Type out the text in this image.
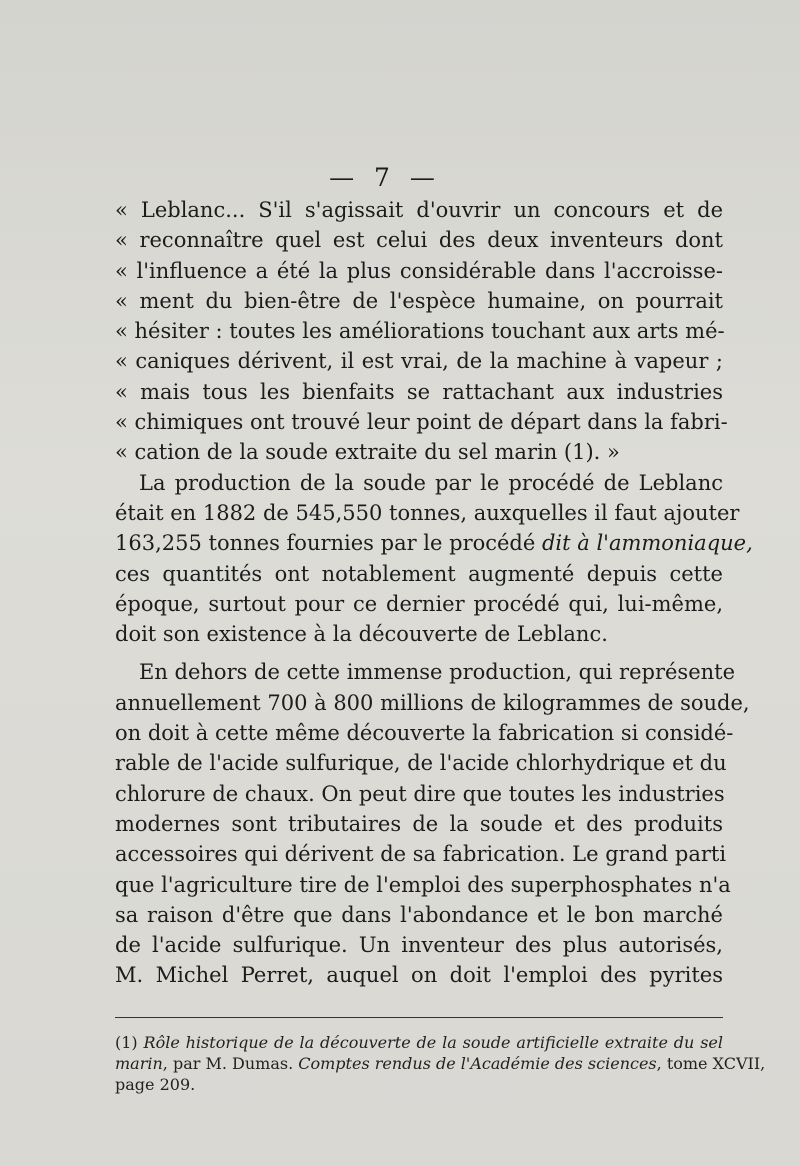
— 7 —
« Leblanc... S'il s'agissait d'ouvrir un concours et de
« reconnaître quel est celui des deux inventeurs dont
« l'influence a été la plus considérable dans l'accroisse-
« ment du bien-être de l'espèce humaine, on pourrait
« hésiter : toutes les améliorations touchant aux arts mé-
« caniques dérivent, il est vrai, de la machine à vapeur ;
« mais tous les bienfaits se rattachant aux industries
« chimiques ont trouvé leur point de départ dans la fabri-
« cation de la soude extraite du sel marin (1). »
La production de la soude par le procédé de Leblanc
était en 1882 de 545,550 tonnes, auxquelles il faut ajouter
163,255 tonnes fournies par le procédé dit à l'ammoniaque,
ces quantités ont notablement augmenté depuis cette
époque, surtout pour ce dernier procédé qui, lui-même,
doit son existence à la découverte de Leblanc.
En dehors de cette immense production, qui représente
annuellement 700 à 800 millions de kilogrammes de soude,
on doit à cette même découverte la fabrication si considé-
rable de l'acide sulfurique, de l'acide chlorhydrique et du
chlorure de chaux. On peut dire que toutes les industries
modernes sont tributaires de la soude et des produits
accessoires qui dérivent de sa fabrication. Le grand parti
que l'agriculture tire de l'emploi des superphosphates n'a
sa raison d'être que dans l'abondance et le bon marché
de l'acide sulfurique. Un inventeur des plus autorisés,
M. Michel Perret, auquel on doit l'emploi des pyrites
(1) Rôle historique de la découverte de la soude artificielle extraite du sel
marin, par M. Dumas. Comptes rendus de l'Académie des sciences, tome XCVII,
page 209.
